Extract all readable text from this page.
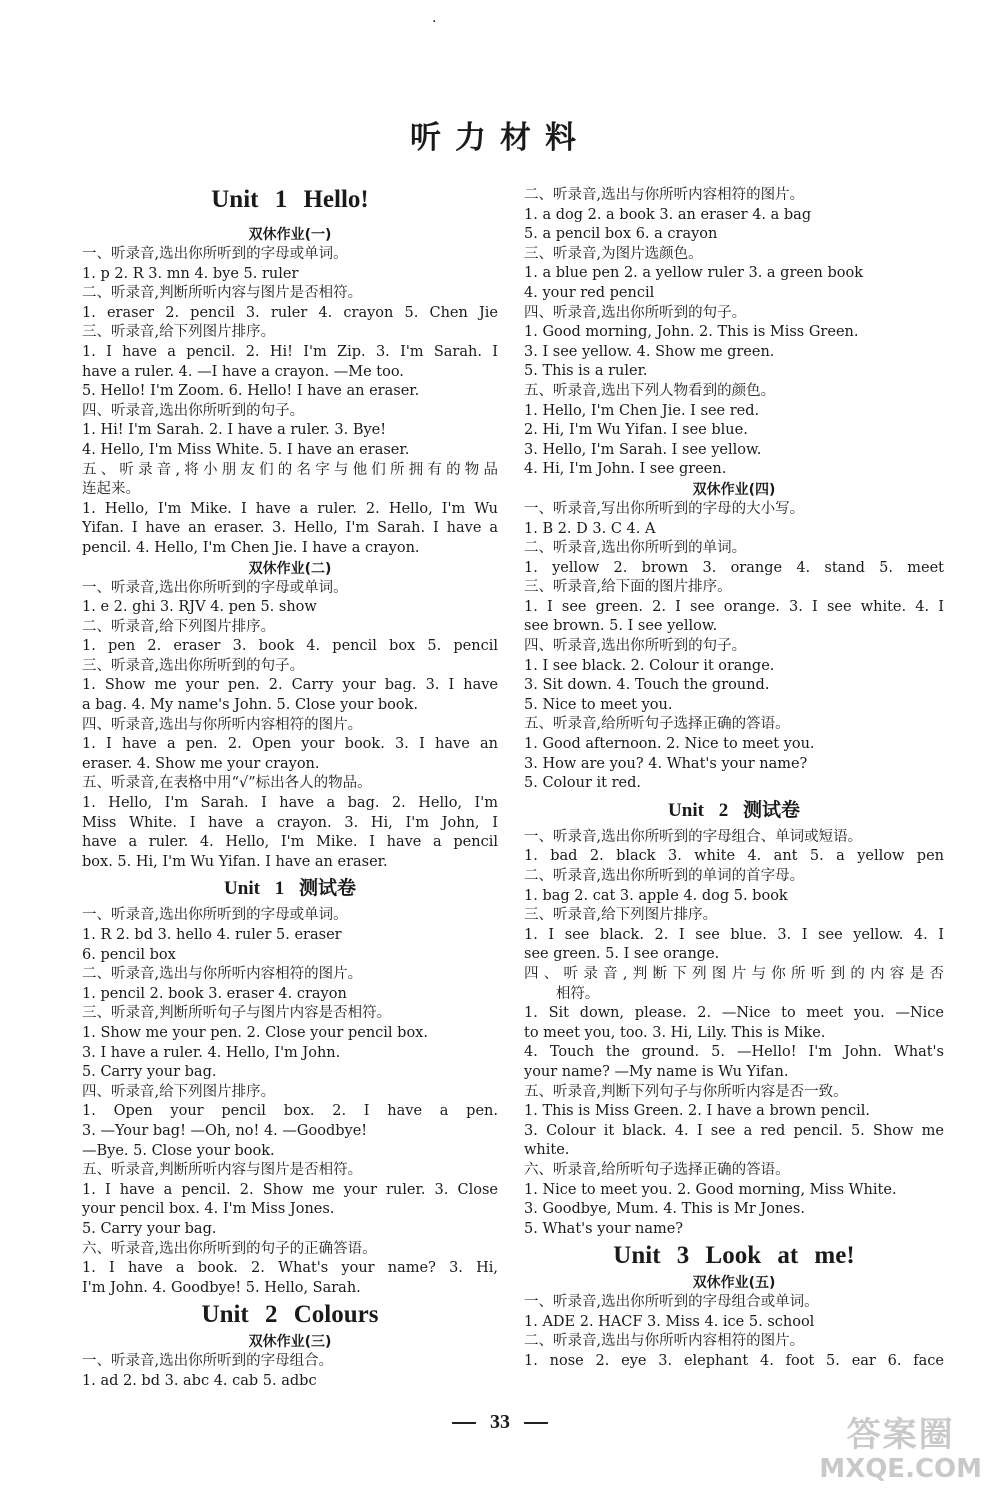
·
听力材料
Unit 1 Hello!
双休作业(一)
一、听录音,选出你所听到的字母或单词。
1. p 2. R 3. mn 4. bye 5. ruler
二、听录音,判断所听内容与图片是否相符。
1. eraser 2. pencil 3. ruler 4. crayon 5. Chen Jie
三、听录音,给下列图片排序。
1. I have a pencil. 2. Hi! I'm Zip. 3. I'm Sarah. I
have a ruler. 4. —I have a crayon. —Me too.
5. Hello! I'm Zoom. 6. Hello! I have an eraser.
四、听录音,选出你所听到的句子。
1. Hi! I'm Sarah. 2. I have a ruler. 3. Bye!
4. Hello, I'm Miss White. 5. I have an eraser.
五、听录音,将小朋友们的名字与他们所拥有的物品
连起来。
1. Hello, I'm Mike. I have a ruler. 2. Hello, I'm Wu
Yifan. I have an eraser. 3. Hello, I'm Sarah. I have a
pencil. 4. Hello, I'm Chen Jie. I have a crayon.
双休作业(二)
一、听录音,选出你所听到的字母或单词。
1. e 2. ghi 3. RJV 4. pen 5. show
二、听录音,给下列图片排序。
1. pen 2. eraser 3. book 4. pencil box 5. pencil
三、听录音,选出你所听到的句子。
1. Show me your pen. 2. Carry your bag. 3. I have
a bag. 4. My name's John. 5. Close your book.
四、听录音,选出与你所听内容相符的图片。
1. I have a pen. 2. Open your book. 3. I have an
eraser. 4. Show me your crayon.
五、听录音,在表格中用“√”标出各人的物品。
1. Hello, I'm Sarah. I have a bag. 2. Hello, I'm
Miss White. I have a crayon. 3. Hi, I'm John, I
have a ruler. 4. Hello, I'm Mike. I have a pencil
box. 5. Hi, I'm Wu Yifan. I have an eraser.
Unit 1 测试卷
一、听录音,选出你所听到的字母或单词。
1. R 2. bd 3. hello 4. ruler 5. eraser
6. pencil box
二、听录音,选出与你所听内容相符的图片。
1. pencil 2. book 3. eraser 4. crayon
三、听录音,判断所听句子与图片内容是否相符。
1. Show me your pen. 2. Close your pencil box.
3. I have a ruler. 4. Hello, I'm John.
5. Carry your bag.
四、听录音,给下列图片排序。
1. Open your pencil box. 2. I have a pen.
3. —Your bag! —Oh, no! 4. —Goodbye!
—Bye. 5. Close your book.
五、听录音,判断所听内容与图片是否相符。
1. I have a pencil. 2. Show me your ruler. 3. Close
your pencil box. 4. I'm Miss Jones.
5. Carry your bag.
六、听录音,选出你所听到的句子的正确答语。
1. I have a book. 2. What's your name? 3. Hi,
I'm John. 4. Goodbye! 5. Hello, Sarah.
Unit 2 Colours
双休作业(三)
一、听录音,选出你所听到的字母组合。
1. ad 2. bd 3. abc 4. cab 5. adbc
二、听录音,选出与你所听内容相符的图片。
1. a dog 2. a book 3. an eraser 4. a bag
5. a pencil box 6. a crayon
三、听录音,为图片选颜色。
1. a blue pen 2. a yellow ruler 3. a green book
4. your red pencil
四、听录音,选出你所听到的句子。
1. Good morning, John. 2. This is Miss Green.
3. I see yellow. 4. Show me green.
5. This is a ruler.
五、听录音,选出下列人物看到的颜色。
1. Hello, I'm Chen Jie. I see red.
2. Hi, I'm Wu Yifan. I see blue.
3. Hello, I'm Sarah. I see yellow.
4. Hi, I'm John. I see green.
双休作业(四)
一、听录音,写出你所听到的字母的大小写。
1. B 2. D 3. C 4. A
二、听录音,选出你所听到的单词。
1. yellow 2. brown 3. orange 4. stand 5. meet
三、听录音,给下面的图片排序。
1. I see green. 2. I see orange. 3. I see white. 4. I
see brown. 5. I see yellow.
四、听录音,选出你所听到的句子。
1. I see black. 2. Colour it orange.
3. Sit down. 4. Touch the ground.
5. Nice to meet you.
五、听录音,给所听句子选择正确的答语。
1. Good afternoon. 2. Nice to meet you.
3. How are you? 4. What's your name?
5. Colour it red.
Unit 2 测试卷
一、听录音,选出你所听到的字母组合、单词或短语。
1. bad 2. black 3. white 4. ant 5. a yellow pen
二、听录音,选出你所听到的单词的首字母。
1. bag 2. cat 3. apple 4. dog 5. book
三、听录音,给下列图片排序。
1. I see black. 2. I see blue. 3. I see yellow. 4. I
see green. 5. I see orange.
四、听录音,判断下列图片与你所听到的内容是否
相符。
1. Sit down, please. 2. —Nice to meet you. —Nice
to meet you, too. 3. Hi, Lily. This is Mike.
4. Touch the ground. 5. —Hello! I'm John. What's
your name? —My name is Wu Yifan.
五、听录音,判断下列句子与你所听内容是否一致。
1. This is Miss Green. 2. I have a brown pencil.
3. Colour it black. 4. I see a red pencil. 5. Show me
white.
六、听录音,给所听句子选择正确的答语。
1. Nice to meet you. 2. Good morning, Miss White.
3. Goodbye, Mum. 4. This is Mr Jones.
5. What's your name?
Unit 3 Look at me!
双休作业(五)
一、听录音,选出你所听到的字母组合或单词。
1. ADE 2. HACF 3. Miss 4. ice 5. school
二、听录音,选出与你所听内容相符的图片。
1. nose 2. eye 3. elephant 4. foot 5. ear 6. face
33	答案圈
MXQE.COM
